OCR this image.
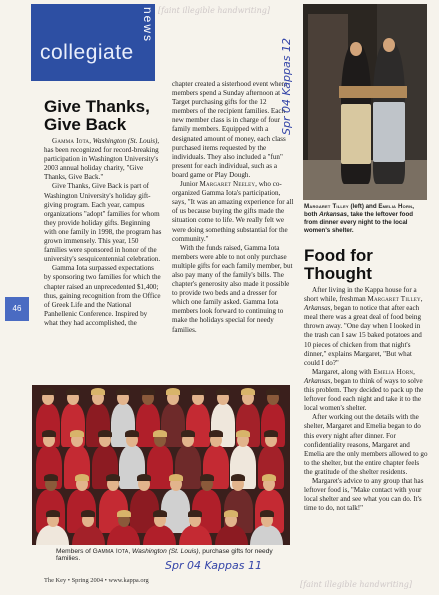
collegiate
news [faint illegible handwriting]
Give Thanks, Give Back

Gamma Iota, Washington (St. Louis), has been recognized for record-breaking participation in Washington University's 2003 annual holiday charity, "Give Thanks, Give Back."

Give Thanks, Give Back is part of Washington University's holiday gift-giving program. Each year, campus organizations "adopt" families for whom they provide holiday gifts. Beginning with one family in 1998, the program has grown immensely. This year, 150 families were sponsored in honor of the university's sesquicentennial celebration.

Gamma Iota surpassed expectations by sponsoring two families for which the chapter raised an unprecedented $1,400; thus, gaining recognition from the Office of Greek Life and the National Panhellenic Conference. Inspired by what they had accomplished, the

chapter created a sisterhood event where members spend a Sunday afternoon at Target purchasing gifts for the 12 members of the recipient families. Each new member class is in charge of four family members. Equipped with a designated amount of money, each class purchased items requested by the individuals. They also included a "fun" present for each individual, such as a board game or Play Dough.

Junior Margaret Neeley, who co-organized Gamma Iota's participation, says, "It was an amazing experience for all of us because buying the gifts made the situation come to life. We really felt we were doing something substantial for the community."

With the funds raised, Gamma Iota members were able to not only purchase multiple gifts for each family member, but also pay many of the family's bills. The chapter's generosity also made it possible to provide two beds and a dresser for which one family asked. Gamma Iota members look forward to continuing to make the holidays special for needy families.

Spr 04 Kappas 12
46
Margaret Tilley (left) and Emelia Horn, both Arkansas, take the leftover food from dinner every night to the local women's shelter.
Food for Thought

After living in the Kappa house for a short while, freshman Margaret Tilley, Arkansas, began to notice that after each meal there was a great deal of food being thrown away. "One day when I looked in the trash can I saw 15 baked potatoes and 10 pieces of chicken from that night's dinner," explains Margaret, "But what could I do?"

Margaret, along with Emelia Horn, Arkansas, began to think of ways to solve this problem. They decided to pack up the leftover food each night and take it to the local women's shelter.

After working out the details with the shelter, Margaret and Emelia began to do this every night after dinner. For confidentiality reasons, Margaret and Emelia are the only members allowed to go to the shelter, but the entire chapter feels the gratitude of the shelter residents.

Margaret's advice to any group that has leftover food is, "Make contact with your local shelter and see what you can do. It's time to do, not talk!"

Members of Gamma Iota, Washington (St. Louis), purchase gifts for needy families.
Spr 04 Kappas 11
[faint illegible handwriting]
The Key • Spring 2004 • www.kappa.org
